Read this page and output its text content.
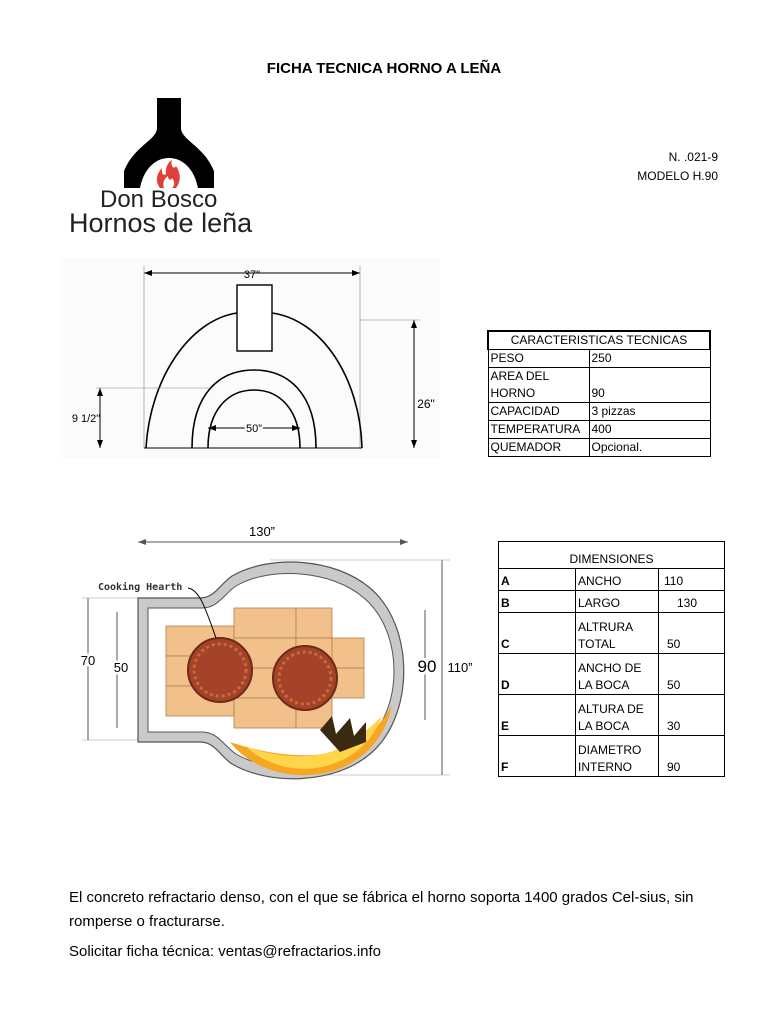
FICHA TECNICA HORNO A LEÑA
Don Bosco
Hornos de leña
N. .021-9
MODELO H.90
37"
26"
9 1/2"
50”
CARACTERISTICAS TECNICAS	
PESO	250
AREA DEL
HORNO	90
CAPACIDAD	3 pizzas
TEMPERATURA	400
QUEMADOR	Opcional.
130”
90 110”
70 50
Cooking Hearth
DIMENSIONES		
A	ANCHO	110
B	LARGO	130
C	ALTRURA
TOTAL	50
D	ANCHO DE
LA BOCA	50
E	ALTURA DE
LA BOCA	30
F	DIAMETRO
INTERNO	90
El concreto refractario denso, con el que se fábrica el horno soporta 1400 grados Cel-sius, sin romperse o fracturarse.
Solicitar ficha técnica: ventas@refractarios.info
